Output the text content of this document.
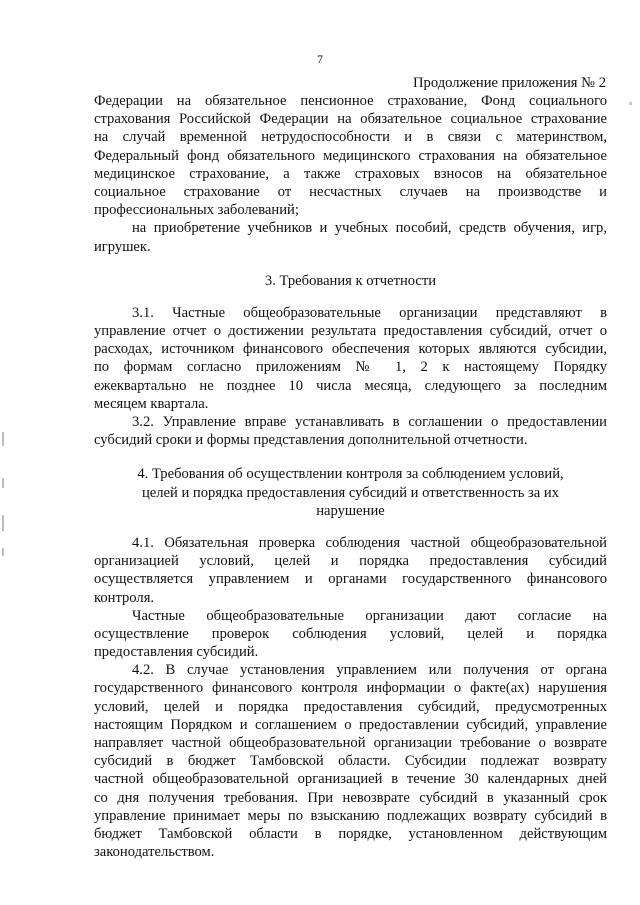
7
Продолжение приложения № 2
Федерации на обязательное пенсионное страхование, Фонд социального
страхования Российской Федерации на обязательное социальное страхование
на случай временной нетрудоспособности и в связи с материнством,
Федеральный фонд обязательного медицинского страхования на обязательное
медицинское страхование, а также страховых взносов на обязательное
социальное страхование от несчастных случаев на производстве и
профессиональных заболеваний;
на приобретение учебников и учебных пособий, средств обучения, игр,
игрушек.
3. Требования к отчетности
3.1. Частные общеобразовательные организации представляют в
управление отчет о достижении результата предоставления субсидий, отчет о
расходах, источником финансового обеспечения которых являются субсидии,
по формам согласно приложениям № 1, 2 к настоящему Порядку
ежеквартально не позднее 10 числа месяца, следующего за последним
месяцем квартала.
3.2. Управление вправе устанавливать в соглашении о предоставлении
субсидий сроки и формы представления дополнительной отчетности.
4. Требования об осуществлении контроля за соблюдением условий,
целей и порядка предоставления субсидий и ответственность за их
нарушение
4.1. Обязательная проверка соблюдения частной общеобразовательной
организацией условий, целей и порядка предоставления субсидий
осуществляется управлением и органами государственного финансового
контроля.
Частные общеобразовательные организации дают согласие на
осуществление проверок соблюдения условий, целей и порядка
предоставления субсидий.
4.2. В случае установления управлением или получения от органа
государственного финансового контроля информации о факте(ах) нарушения
условий, целей и порядка предоставления субсидий, предусмотренных
настоящим Порядком и соглашением о предоставлении субсидий, управление
направляет частной общеобразовательной организации требование о возврате
субсидий в бюджет Тамбовской области. Субсидии подлежат возврату
частной общеобразовательной организацией в течение 30 календарных дней
со дня получения требования. При невозврате субсидий в указанный срок
управление принимает меры по взысканию подлежащих возврату субсидий в
бюджет Тамбовской области в порядке, установленном действующим
законодательством.
